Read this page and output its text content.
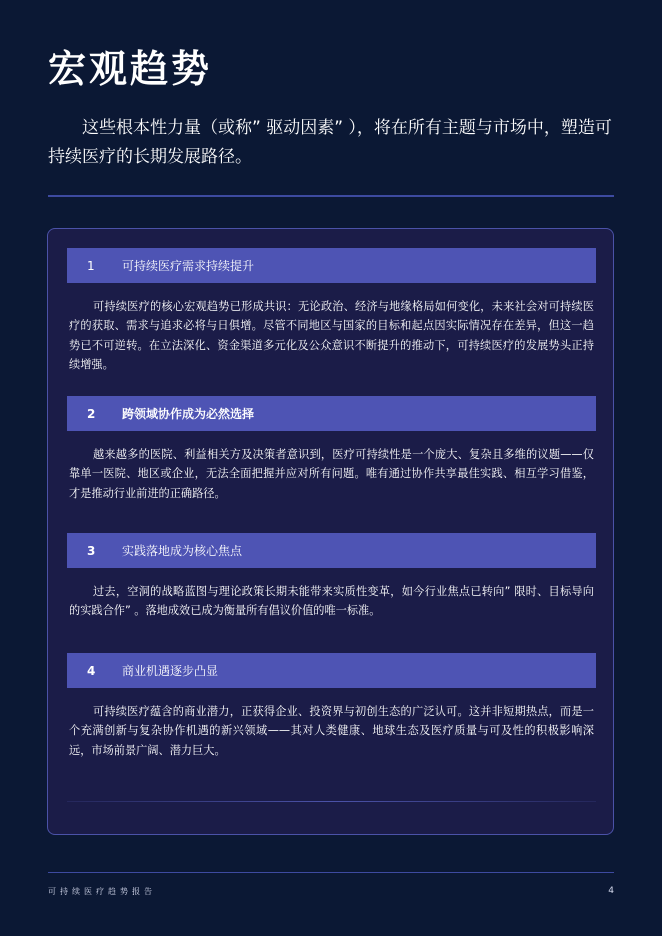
宏观趋势

这些根本性力量（或称” 驱动因素” ），将在所有主题与市场中，塑造可持续医疗的长期发展路径。

1	可持续医疗需求持续提升

可持续医疗的核心宏观趋势已形成共识：无论政治、经济与地缘格局如何变化，未来社会对可持续医疗的获取、需求与追求必将与日俱增。尽管不同地区与国家的目标和起点因实际情况存在差异，但这一趋势已不可逆转。在立法深化、资金渠道多元化及公众意识不断提升的推动下，可持续医疗的发展势头正持续增强。

2	跨领域协作成为必然选择

越来越多的医院、利益相关方及决策者意识到，医疗可持续性是一个庞大、复杂且多维的议题——仅靠单一医院、地区或企业，无法全面把握并应对所有问题。唯有通过协作共享最佳实践、相互学习借鉴，才是推动行业前进的正确路径。

3	实践落地成为核心焦点

过去，空洞的战略蓝图与理论政策长期未能带来实质性变革，如今行业焦点已转向” 限时、目标导向的实践合作” 。落地成效已成为衡量所有倡议价值的唯一标准。

4	商业机遇逐步凸显

可持续医疗蕴含的商业潜力，正获得企业、投资界与初创生态的广泛认可。这并非短期热点，而是一个充满创新与复杂协作机遇的新兴领域——其对人类健康、地球生态及医疗质量与可及性的积极影响深远，市场前景广阔、潜力巨大。

可持续医疗趋势报告	4
